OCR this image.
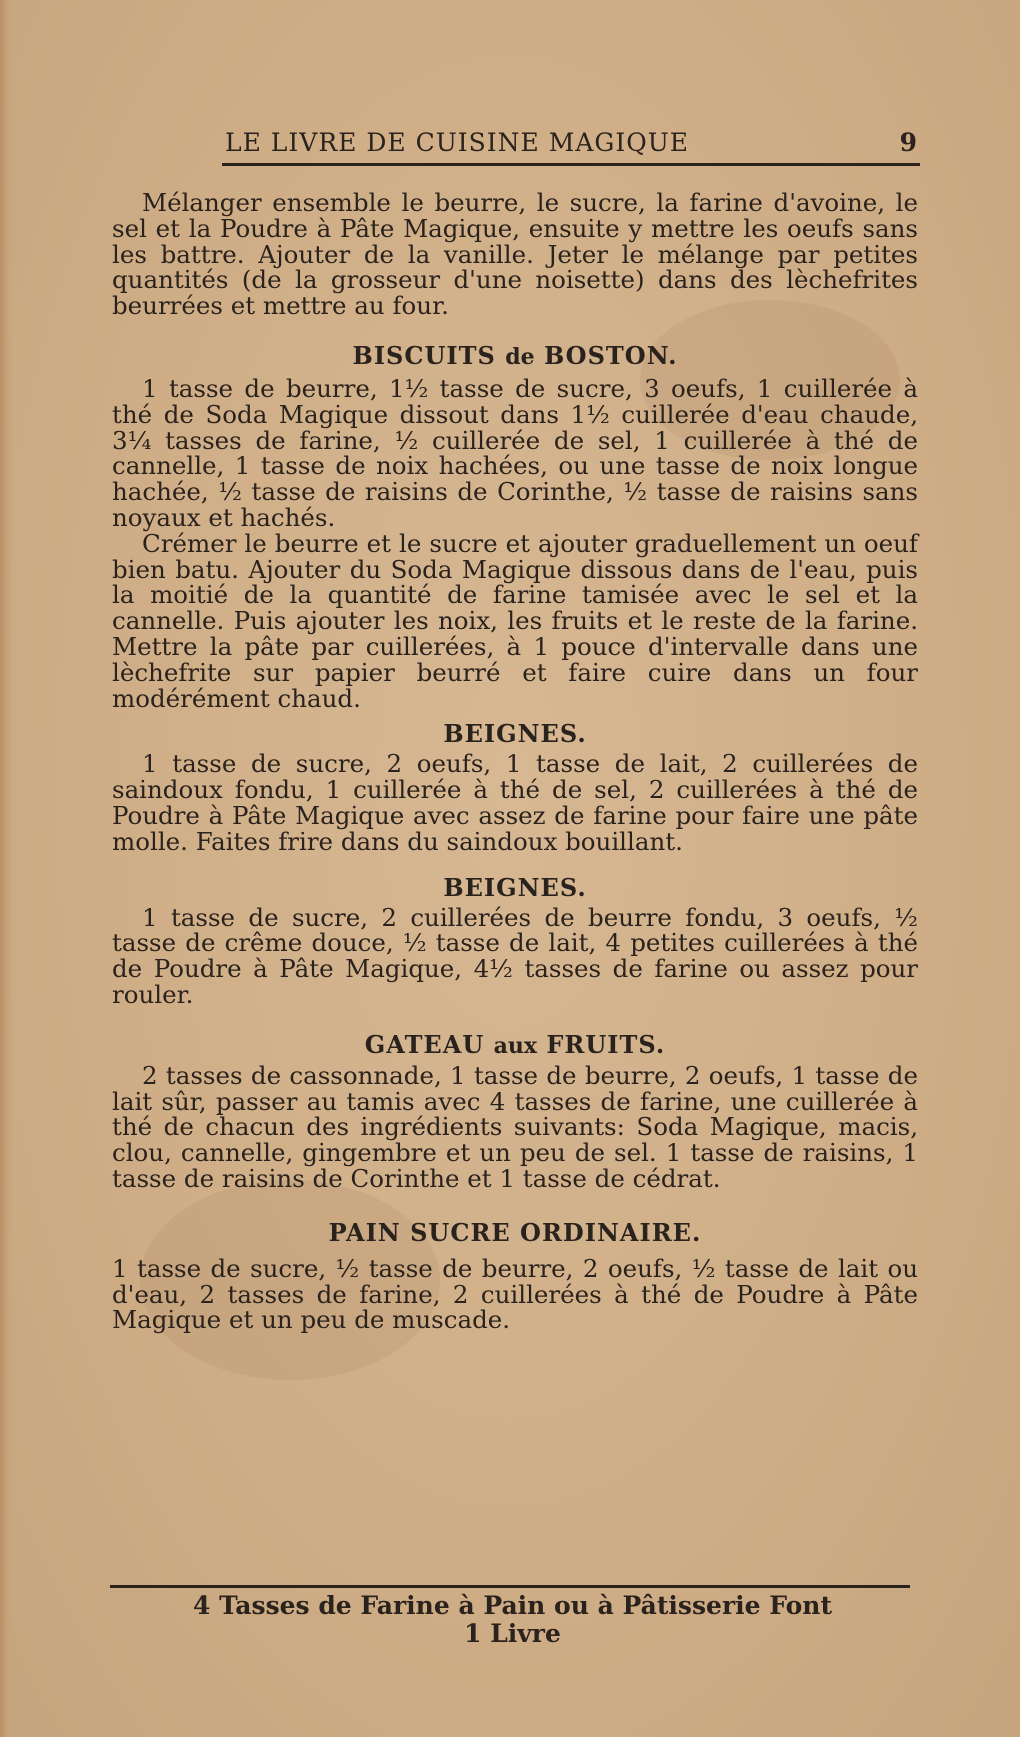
LE LIVRE DE CUISINE MAGIQUE	9

Mélanger ensemble le beurre, le sucre, la farine d'avoine, le sel et la Poudre à Pâte Magique, ensuite y mettre les oeufs sans les battre. Ajouter de la vanille. Jeter le mélange par petites quantités (de la grosseur d'une noisette) dans des lèchefrites beurrées et mettre au four.

BISCUITS de BOSTON.

1 tasse de beurre, 1½ tasse de sucre, 3 oeufs, 1 cuillerée à thé de Soda Magique dissout dans 1½ cuillerée d'eau chaude, 3¼ tasses de farine, ½ cuillerée de sel, 1 cuillerée à thé de cannelle, 1 tasse de noix hachées, ou une tasse de noix longue hachée, ½ tasse de raisins de Corinthe, ½ tasse de raisins sans noyaux et hachés.

Crémer le beurre et le sucre et ajouter graduellement un oeuf bien batu. Ajouter du Soda Magique dissous dans de l'eau, puis la moitié de la quantité de farine tamisée avec le sel et la cannelle. Puis ajouter les noix, les fruits et le reste de la farine. Mettre la pâte par cuillerées, à 1 pouce d'intervalle dans une lèchefrite sur papier beurré et faire cuire dans un four modérément chaud.

BEIGNES.

1 tasse de sucre, 2 oeufs, 1 tasse de lait, 2 cuillerées de saindoux fondu, 1 cuillerée à thé de sel, 2 cuillerées à thé de Poudre à Pâte Magique avec assez de farine pour faire une pâte molle. Faites frire dans du saindoux bouillant.

BEIGNES.

1 tasse de sucre, 2 cuillerées de beurre fondu, 3 oeufs, ½ tasse de crême douce, ½ tasse de lait, 4 petites cuillerées à thé de Poudre à Pâte Magique, 4½ tasses de farine ou assez pour rouler.

GATEAU aux FRUITS.

2 tasses de cassonnade, 1 tasse de beurre, 2 oeufs, 1 tasse de lait sûr, passer au tamis avec 4 tasses de farine, une cuillerée à thé de chacun des ingrédients suivants: Soda Magique, macis, clou, cannelle, gingembre et un peu de sel. 1 tasse de raisins, 1 tasse de raisins de Corinthe et 1 tasse de cédrat.

PAIN SUCRE ORDINAIRE.

1 tasse de sucre, ½ tasse de beurre, 2 oeufs, ½ tasse de lait ou d'eau, 2 tasses de farine, 2 cuillerées à thé de Poudre à Pâte Magique et un peu de muscade.

4 Tasses de Farine à Pain ou à Pâtisserie Font
1 Livre
